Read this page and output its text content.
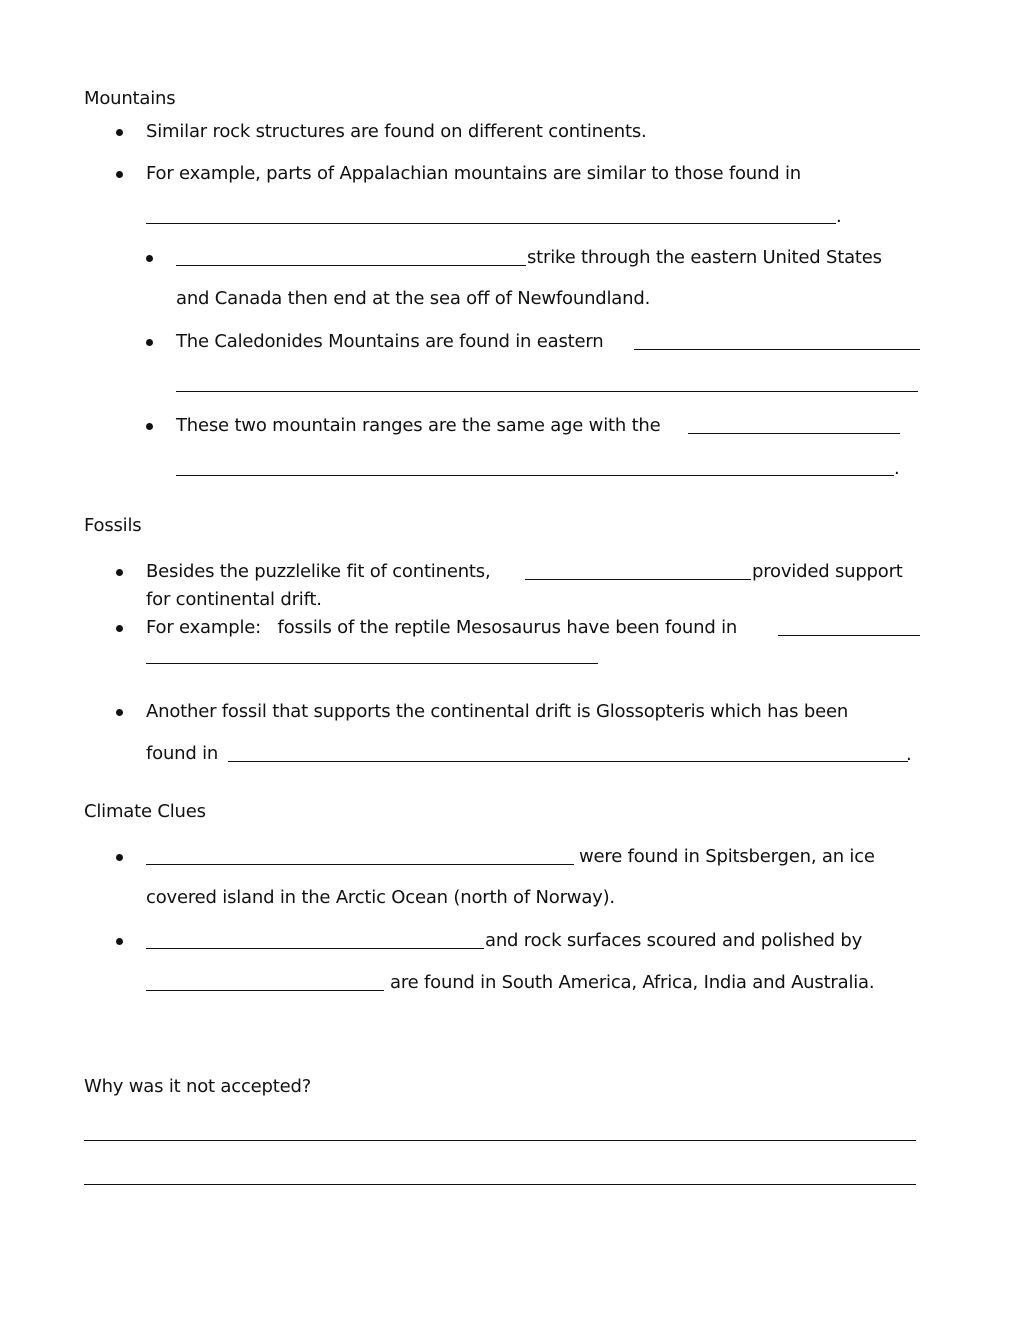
Mountains
Similar rock structures are found on different continents.
For example, parts of Appalachian mountains are similar to those found in
.
strike through the eastern United States
and Canada then end at the sea off of Newfoundland.
The Caledonides Mountains are found in eastern
These two mountain ranges are the same age with the
.
Fossils
Besides the puzzlelike fit of continents,	provided support
for continental drift.
For example:   fossils of the reptile Mesosaurus have been found in
Another fossil that supports the continental drift is Glossopteris which has been
found in	.
Climate Clues
were found in Spitsbergen, an ice
covered island in the Arctic Ocean (north of Norway).
and rock surfaces scoured and polished by
are found in South America, Africa, India and Australia.
Why was it not accepted?
